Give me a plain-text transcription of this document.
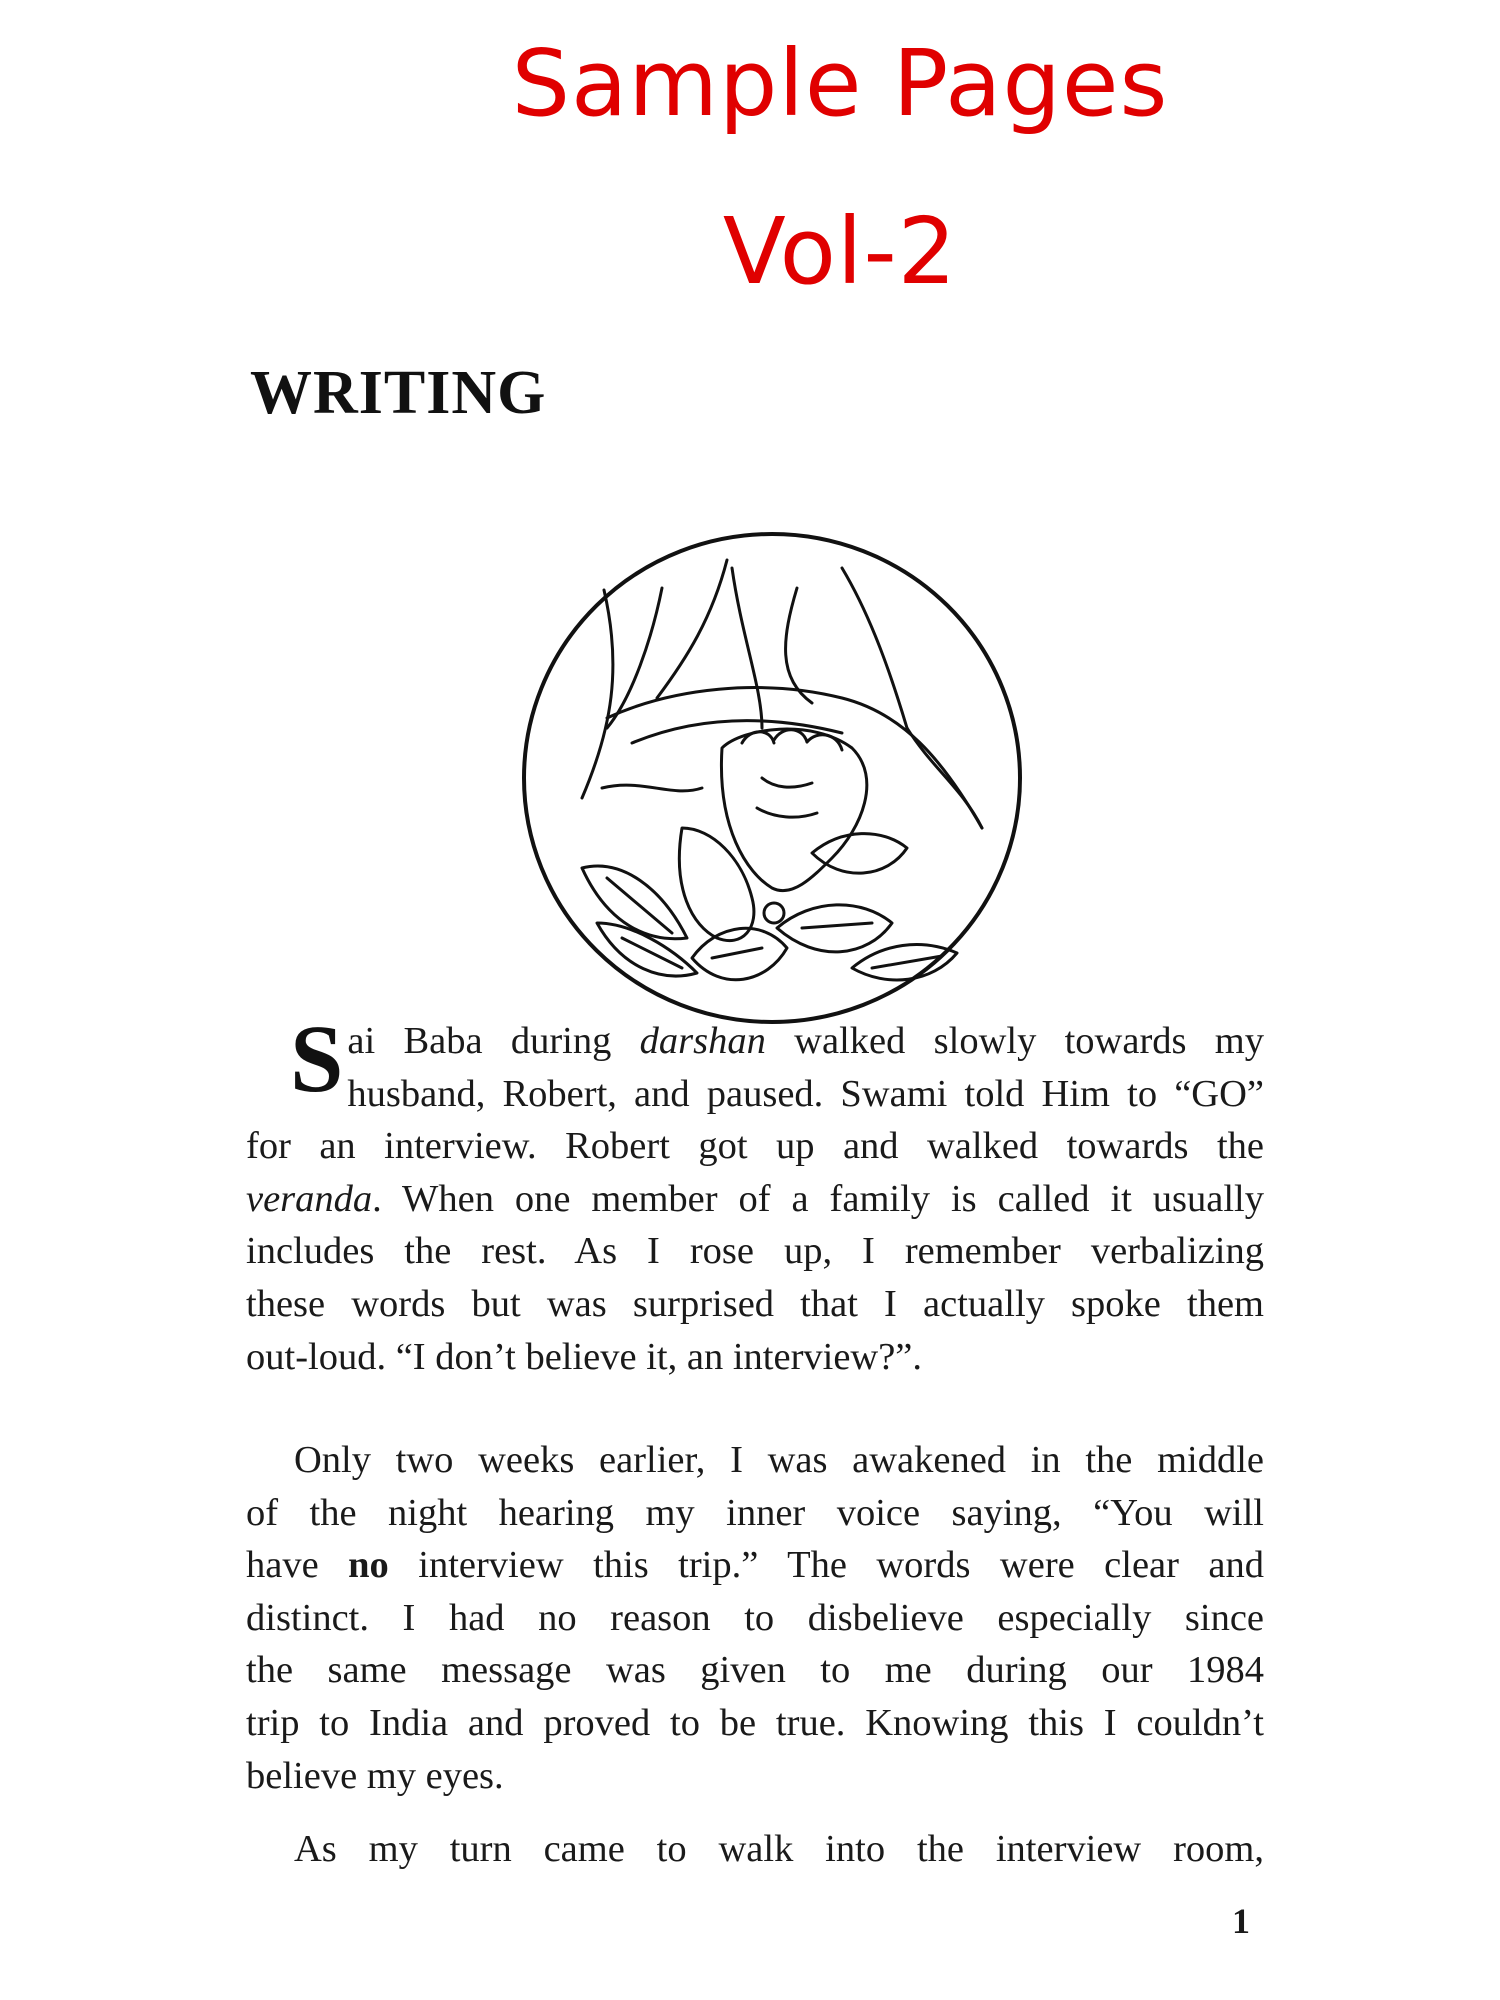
Sample Pages
Vol-2
WRITING
S ai Baba during darshan walked slowly towards my
husband, Robert, and paused. Swami told Him to “GO”
for an interview. Robert got up and walked towards the
veranda. When one member of a family is called it usually
includes the rest. As I rose up, I remember verbalizing
these words but was surprised that I actually spoke them
out-loud. “I don’t believe it, an interview?”.
Only two weeks earlier, I was awakened in the middle
of the night hearing my inner voice saying, “You will
have no interview this trip.” The words were clear and
distinct. I had no reason to disbelieve especially since
the same message was given to me during our 1984
trip to India and proved to be true. Knowing this I couldn’t
believe my eyes.
As my turn came to walk into the interview room,
1
